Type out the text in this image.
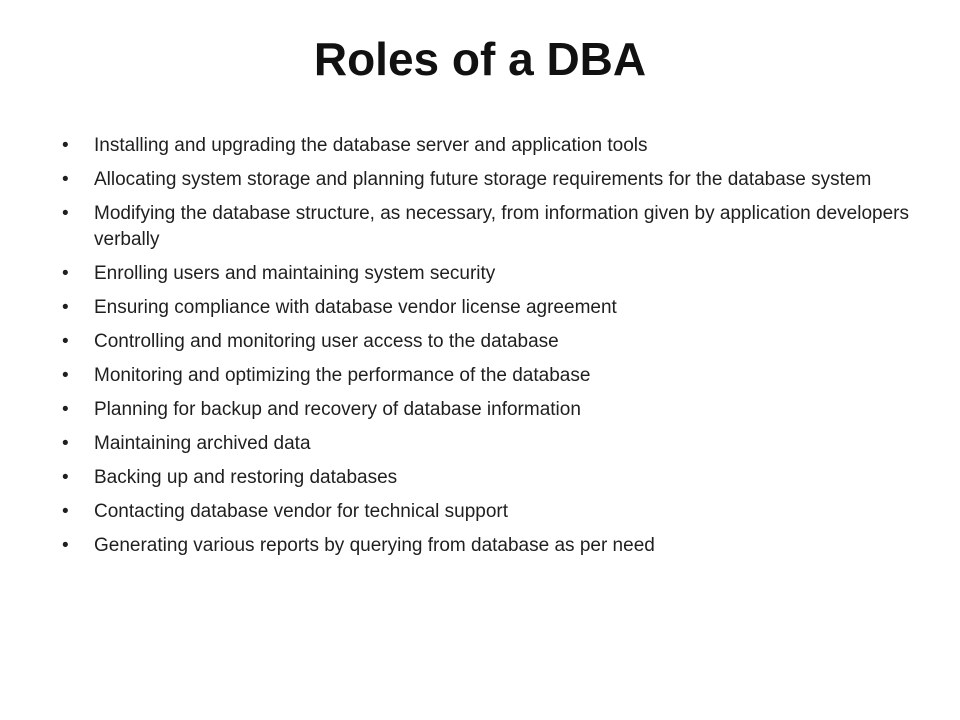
Roles of a DBA
•	Installing and upgrading the database server and application tools
•	Allocating system storage and planning future storage requirements for the database system
•	Modifying the database structure, as necessary, from information given by application developers verbally
•	Enrolling users and maintaining system security
•	Ensuring compliance with database vendor license agreement
•	Controlling and monitoring user access to the database
•	Monitoring and optimizing the performance of the database
•	Planning for backup and recovery of database information
•	Maintaining archived data
•	Backing up and restoring databases
•	Contacting database vendor for technical support
•	Generating various reports by querying from database as per need
